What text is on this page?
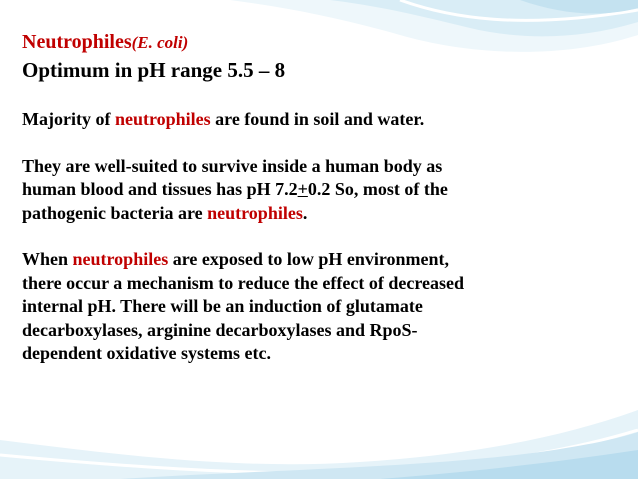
Neutrophiles(E. coli)
Optimum in pH range 5.5 – 8
Majority of neutrophiles are found in soil and water.
They are well-suited to survive inside a human body as
human blood and tissues has pH 7.2+0.2 So, most of the
pathogenic bacteria are neutrophiles.
When neutrophiles are exposed to low pH environment,
there occur a mechanism to reduce the effect of decreased
internal pH. There will be an induction of glutamate
decarboxylases, arginine decarboxylases and RpoS-
dependent oxidative systems etc.
